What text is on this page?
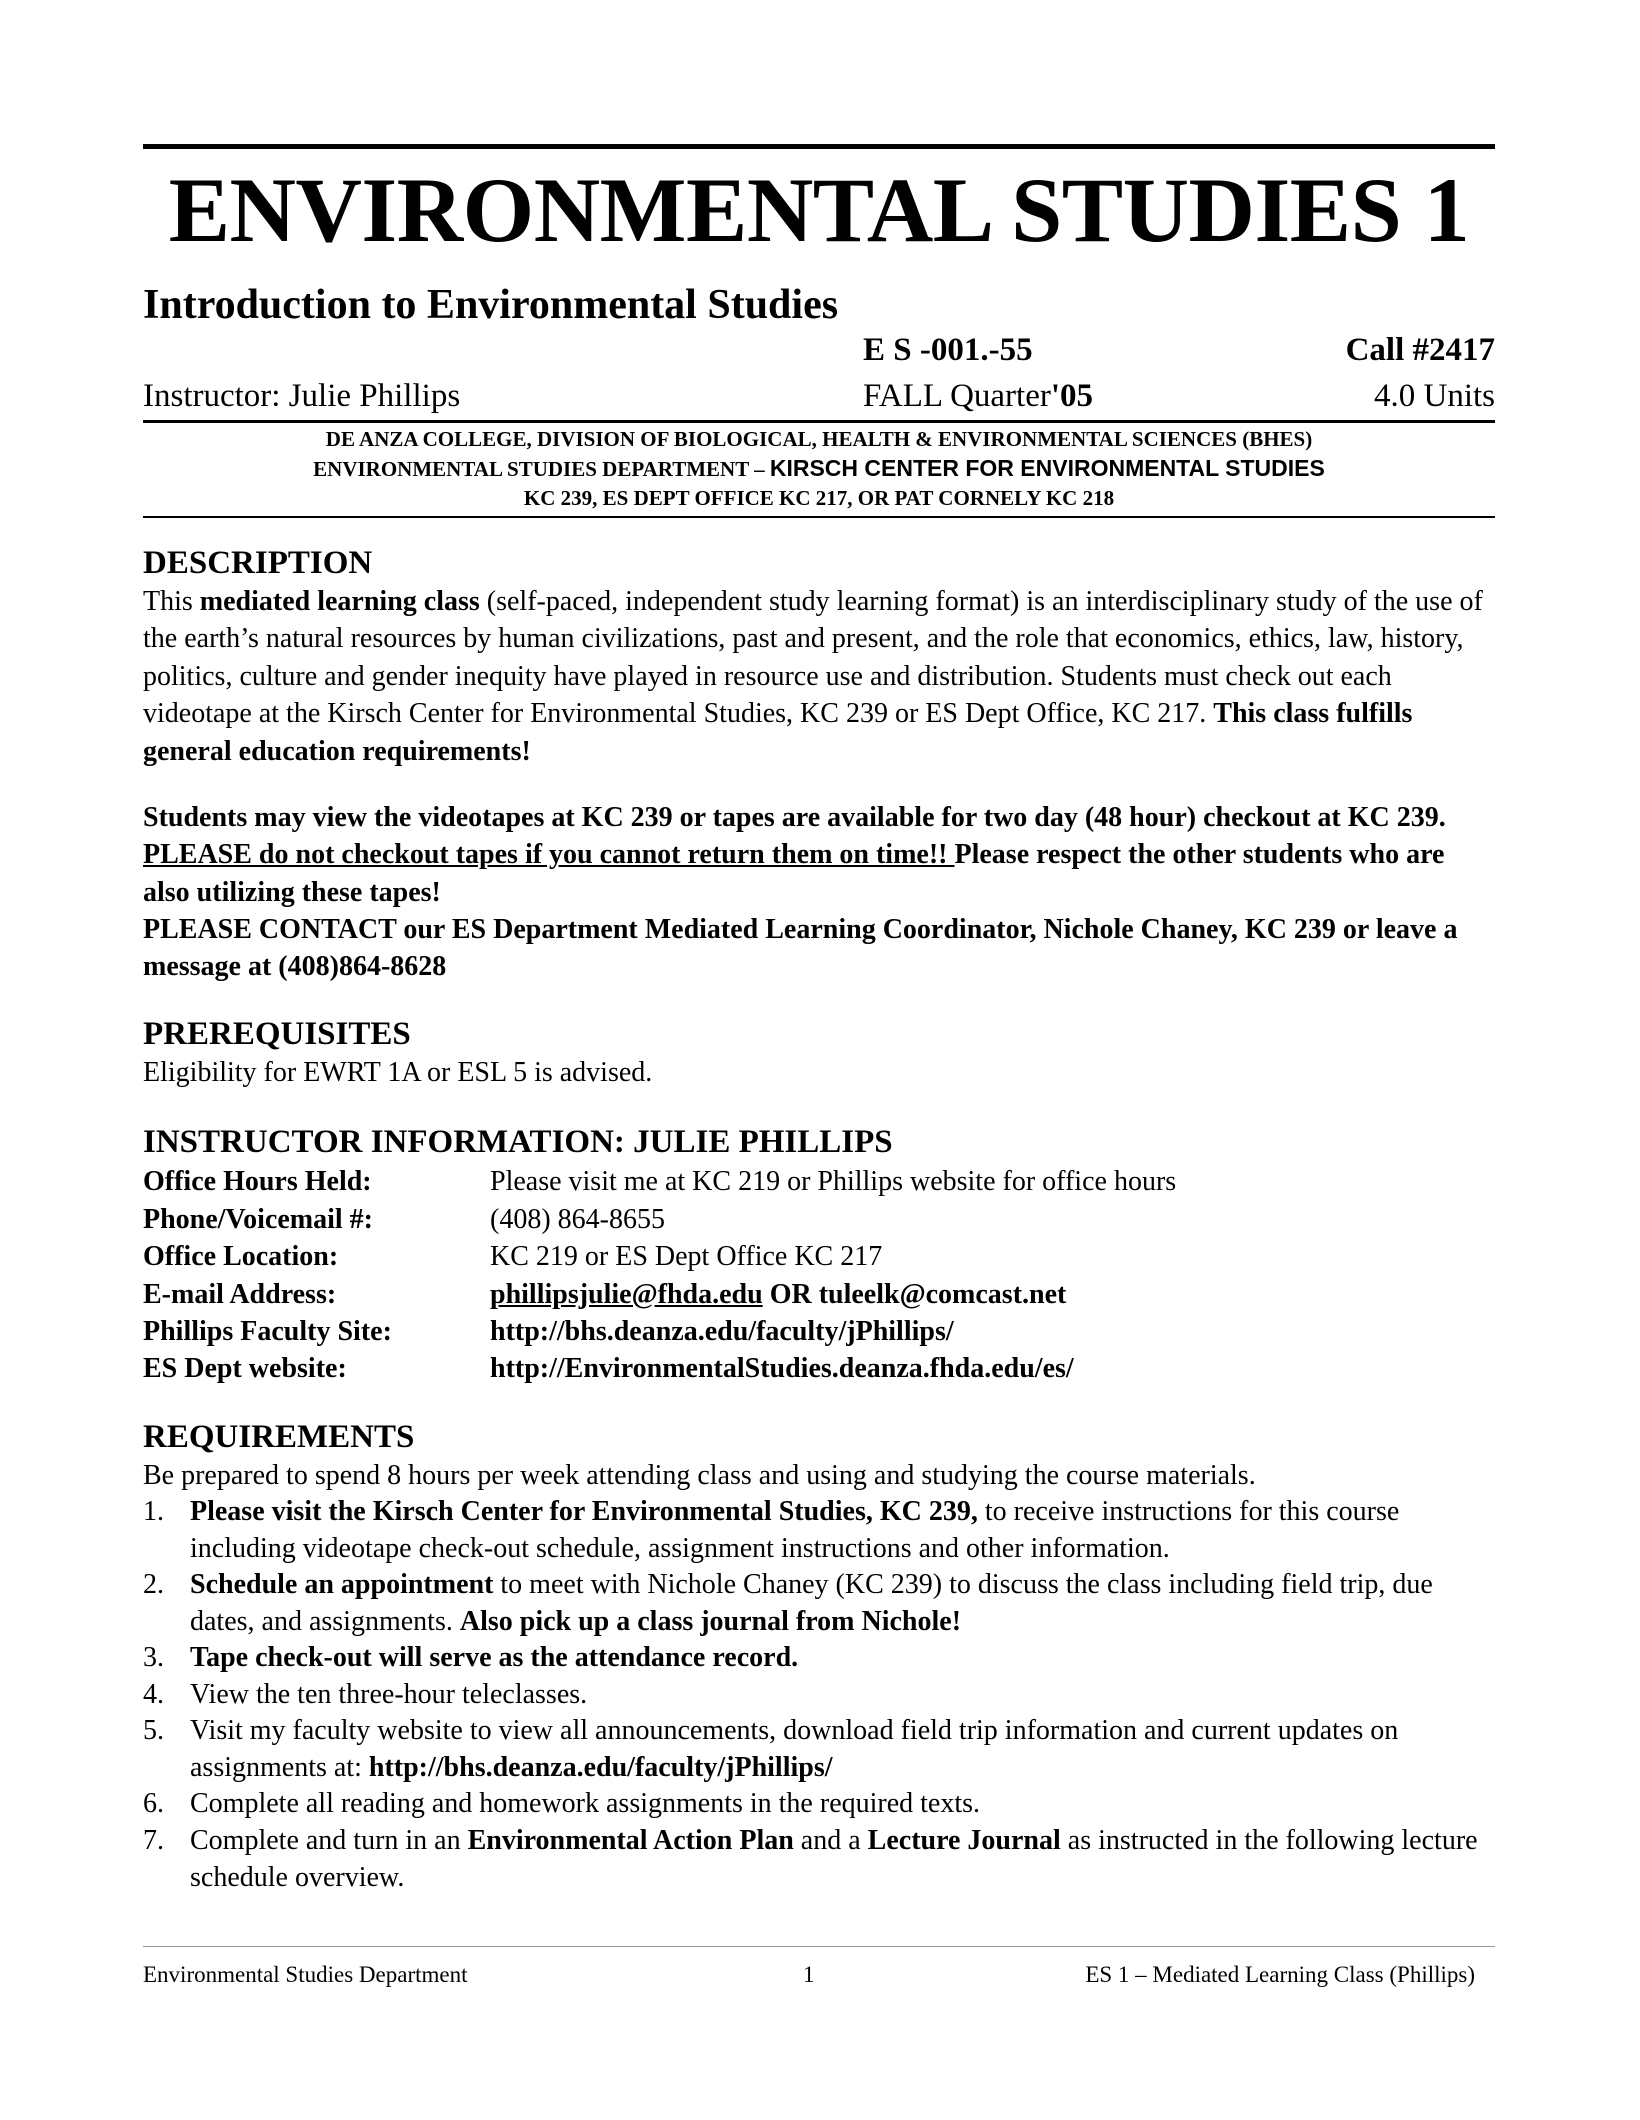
ENVIRONMENTAL STUDIES 1
Introduction to Environmental Studies
E S -001.-55	Call #2417
Instructor: Julie Phillips	FALL Quarter'05	4.0 Units
DE ANZA COLLEGE, DIVISION OF BIOLOGICAL, HEALTH & ENVIRONMENTAL SCIENCES (BHES)
ENVIRONMENTAL STUDIES DEPARTMENT – KIRSCH CENTER FOR ENVIRONMENTAL STUDIES
KC 239, ES DEPT OFFICE KC 217, OR PAT CORNELY KC 218
DESCRIPTION
This mediated learning class (self-paced, independent study learning format) is an interdisciplinary study of the use of the earth’s natural resources by human civilizations, past and present, and the role that economics, ethics, law, history, politics, culture and gender inequity have played in resource use and distribution. Students must check out each videotape at the Kirsch Center for Environmental Studies, KC 239 or ES Dept Office, KC 217. This class fulfills general education requirements!
Students may view the videotapes at KC 239 or tapes are available for two day (48 hour) checkout at KC 239. PLEASE do not checkout tapes if you cannot return them on time!! Please respect the other students who are also utilizing these tapes!
PLEASE CONTACT our ES Department Mediated Learning Coordinator, Nichole Chaney, KC 239 or leave a message at (408)864-8628
PREREQUISITES
Eligibility for EWRT 1A or ESL 5 is advised.
INSTRUCTOR INFORMATION: JULIE PHILLIPS
Office Hours Held:	Please visit me at KC 219 or Phillips website for office hours
Phone/Voicemail #:	(408) 864-8655
Office Location:	KC 219 or ES Dept Office KC 217
E-mail Address:	phillipsjulie@fhda.edu OR tuleelk@comcast.net
Phillips Faculty Site:	http://bhs.deanza.edu/faculty/jPhillips/
ES Dept website:	http://EnvironmentalStudies.deanza.fhda.edu/es/
REQUIREMENTS
Be prepared to spend 8 hours per week attending class and using and studying the course materials.
1. Please visit the Kirsch Center for Environmental Studies, KC 239, to receive instructions for this course including videotape check-out schedule, assignment instructions and other information.
2. Schedule an appointment to meet with Nichole Chaney (KC 239) to discuss the class including field trip, due dates, and assignments. Also pick up a class journal from Nichole!
3. Tape check-out will serve as the attendance record.
4. View the ten three-hour teleclasses.
5. Visit my faculty website to view all announcements, download field trip information and current updates on assignments at: http://bhs.deanza.edu/faculty/jPhillips/
6. Complete all reading and homework assignments in the required texts.
7. Complete and turn in an Environmental Action Plan and a Lecture Journal as instructed in the following lecture schedule overview.
Environmental Studies Department	1	ES 1 – Mediated Learning Class (Phillips)
